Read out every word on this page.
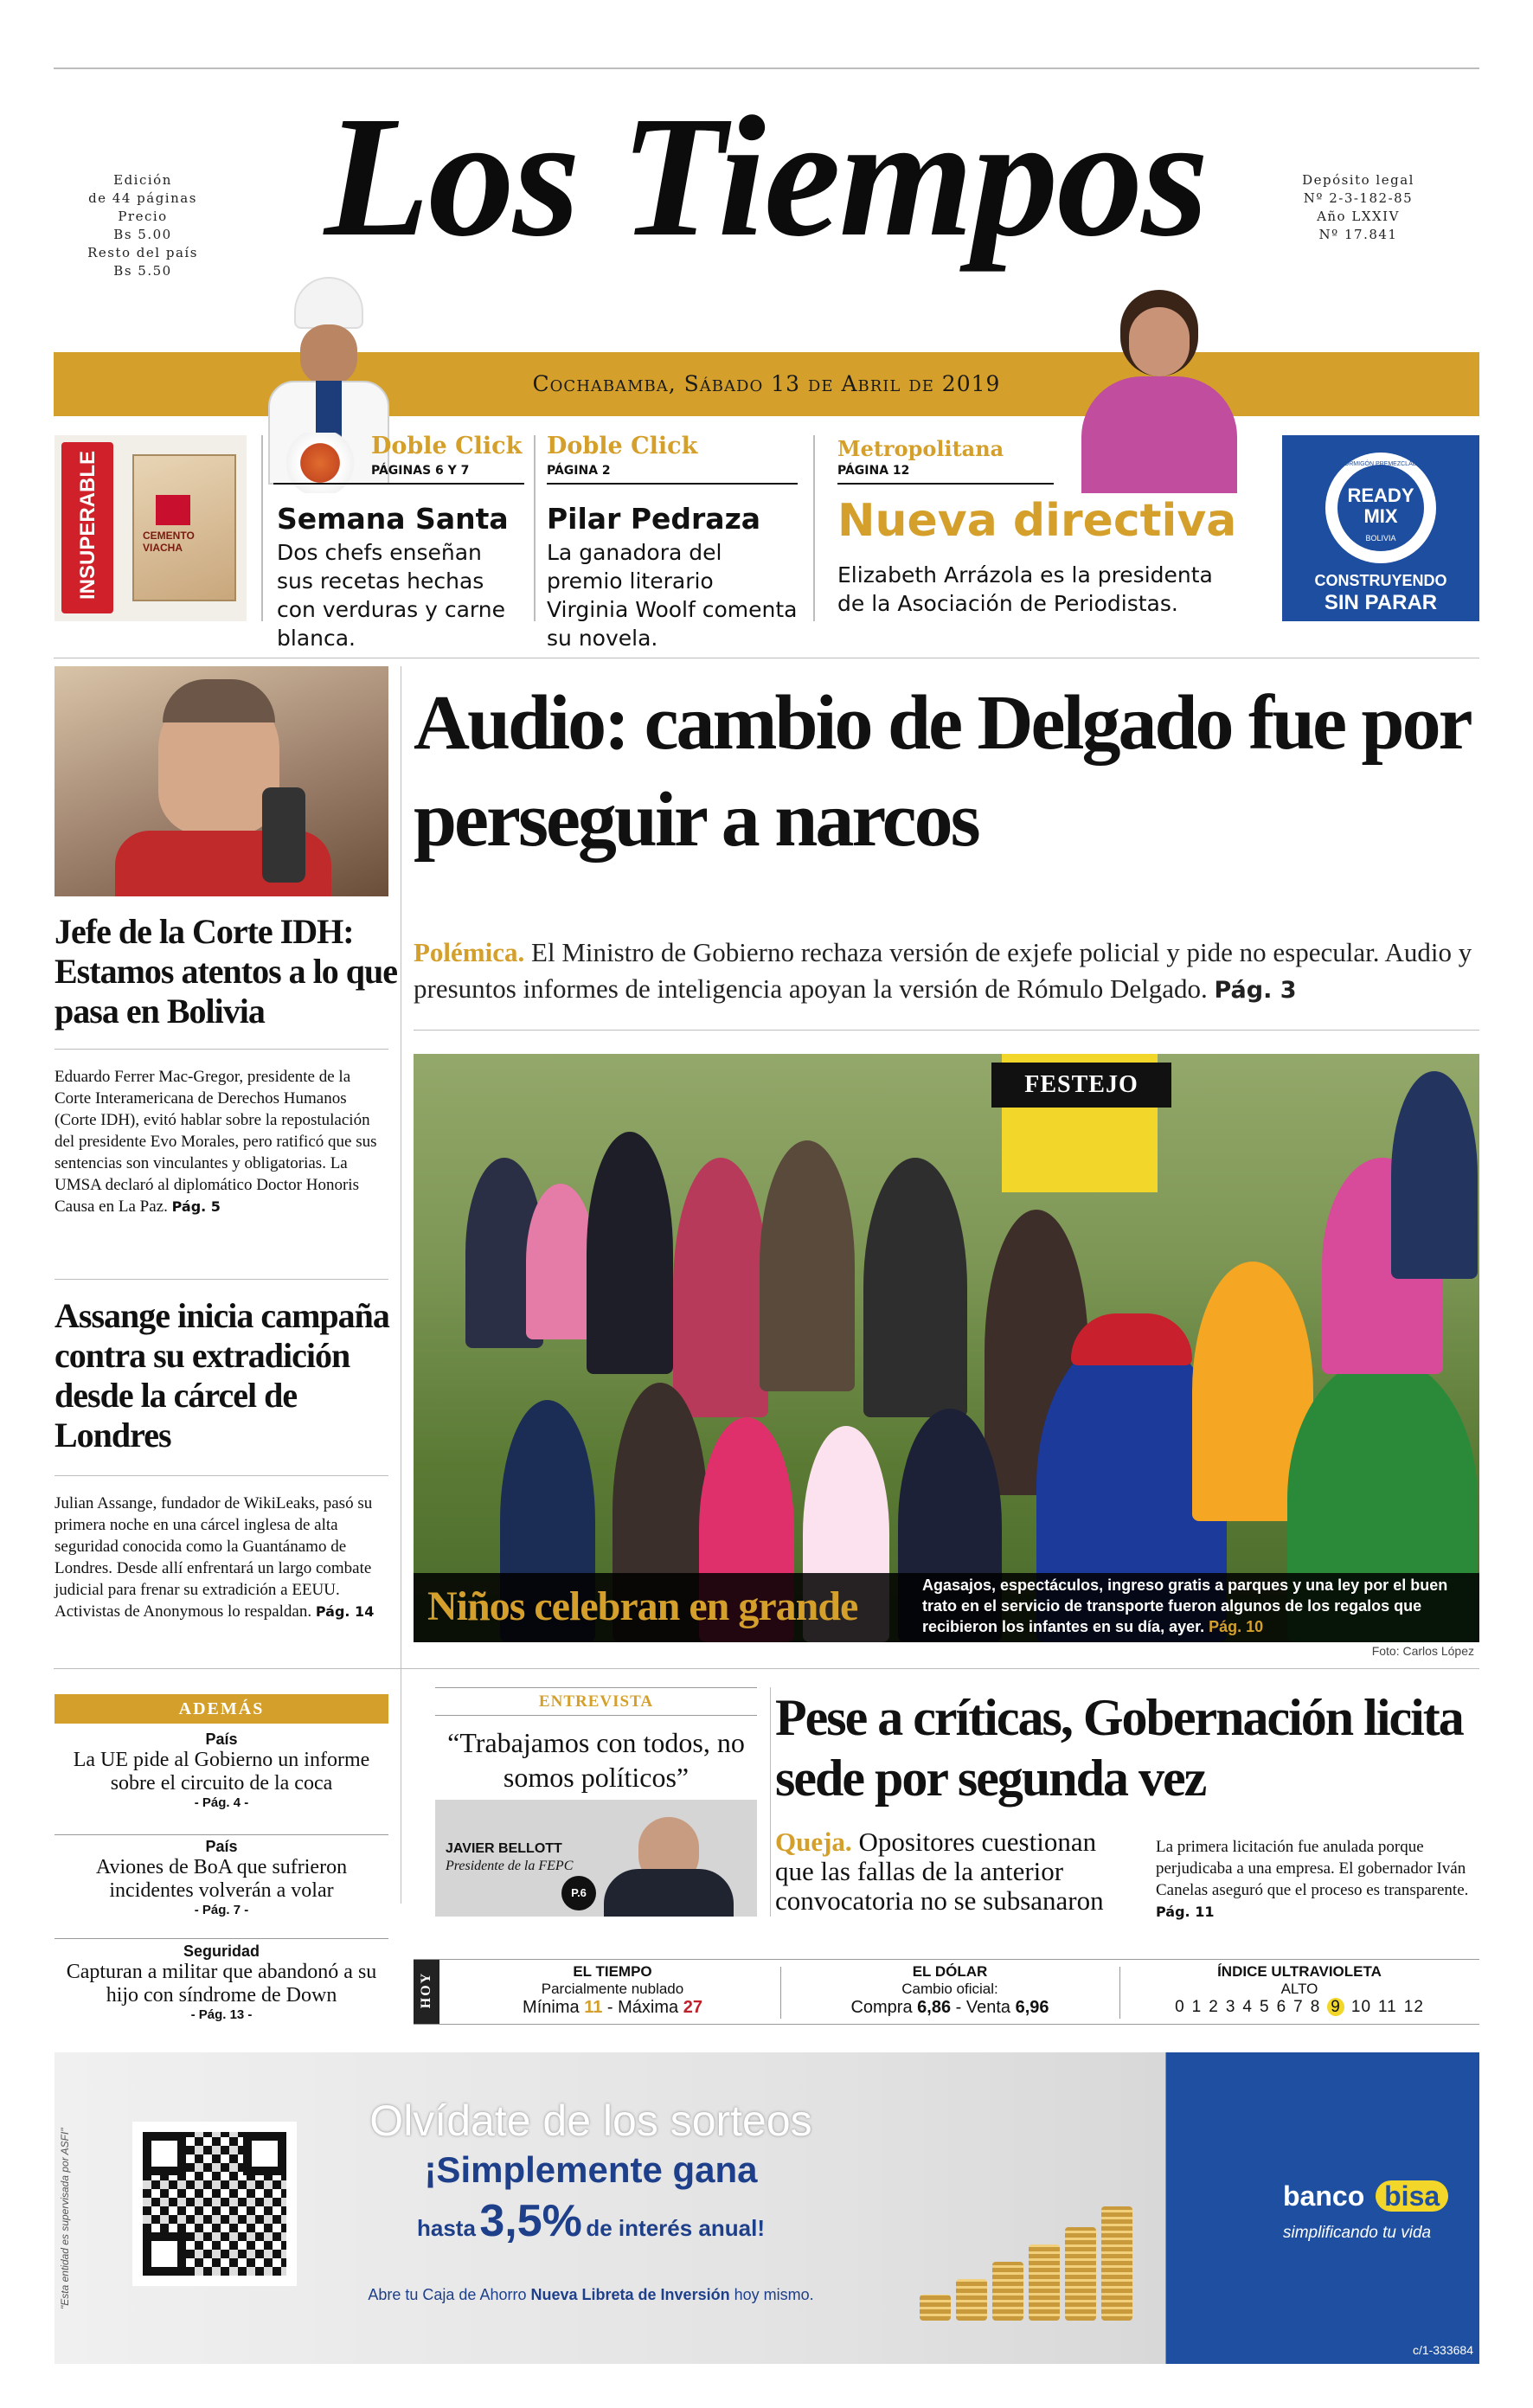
Edición
de 44 páginas
Precio
Bs 5.00
Resto del país
Bs 5.50 Los Tiempos	Depósito legal
Nº 2-3-182-85
Año LXXIV
Nº 17.841
Cochabamba, Sábado 13 de Abril de 2019
INSUPERABLE	CEMENTO VIACHA
Doble Click
PÁGINAS 6 Y 7
Semana Santa
Dos chefs enseñan sus recetas hechas con verduras y carne blanca.
Doble Click
PÁGINA 2
Pilar Pedraza
La ganadora del premio literario Virginia Woolf comenta su novela.
Metropolitana
PÁGINA 12
Nueva directiva
Elizabeth Arrázola es la presidenta de la Asociación de Periodistas.
READY
MIX
HORMIGÓN PREMEZCLADO
BOLIVIA
CONSTRUYENDO
SIN PARAR
Jefe de la Corte IDH: Estamos atentos a lo que pasa en Bolivia
Eduardo Ferrer Mac-Gregor, presidente de la Corte Interamericana de Derechos Humanos (Corte IDH), evitó hablar sobre la repostulación del presidente Evo Morales, pero ratificó que sus sentencias son vinculantes y obligatorias. La UMSA declaró al diplomático Doctor Honoris Causa en La Paz. Pág. 5
Assange inicia campaña contra su extradición desde la cárcel de Londres
Julian Assange, fundador de WikiLeaks, pasó su primera noche en una cárcel inglesa de alta seguridad conocida como la Guantánamo de Londres. Desde allí enfrentará un largo combate judicial para frenar su extradición a EEUU. Activistas de Anonymous lo respaldan. Pág. 14
Audio: cambio de Delgado fue por perseguir a narcos
Polémica. El Ministro de Gobierno rechaza versión de exjefe policial y pide no especular. Audio y presuntos informes de inteligencia apoyan la versión de Rómulo Delgado. Pág. 3
FESTEJO
Niños celebran en grande	Agasajos, espectáculos, ingreso gratis a parques y una ley por el buen trato en el servicio de transporte fueron algunos de los regalos que recibieron los infantes en su día, ayer. Pág. 10
Foto: Carlos López
ADEMÁS
País
La UE pide al Gobierno un informe sobre el circuito de la coca
- Pág. 4 -
País
Aviones de BoA que sufrieron incidentes volverán a volar
- Pág. 7 -
Seguridad
Capturan a militar que abandonó a su hijo con síndrome de Down
- Pág. 13 -
ENTREVISTA
“Trabajamos con todos, no somos políticos”
JAVIER BELLOTT
Presidente de la FEPC
P.6
Pese a críticas, Gobernación licita sede por segunda vez
Queja. Opositores cuestionan que las fallas de la anterior convocatoria no se subsanaron
La primera licitación fue anulada porque perjudicaba a una empresa. El gobernador Iván Canelas aseguró que el proceso es transparente. Pág. 11
HOY
EL TIEMPO
Parcialmente nublado
Mínima 11 - Máxima 27
EL DÓLAR
Cambio oficial:
Compra 6,86 - Venta 6,96
ÍNDICE ULTRAVIOLETA
ALTO
0 1 2 3 4 5 6 7 8 9 10 11 12
"Esta entidad es supervisada por ASFI"
Olvídate de los sorteos
¡Simplemente gana
hasta 3,5% de interés anual!
Abre tu Caja de Ahorro Nueva Libreta de Inversión hoy mismo.
banco bisa
simplificando tu vida
c/1-333684
